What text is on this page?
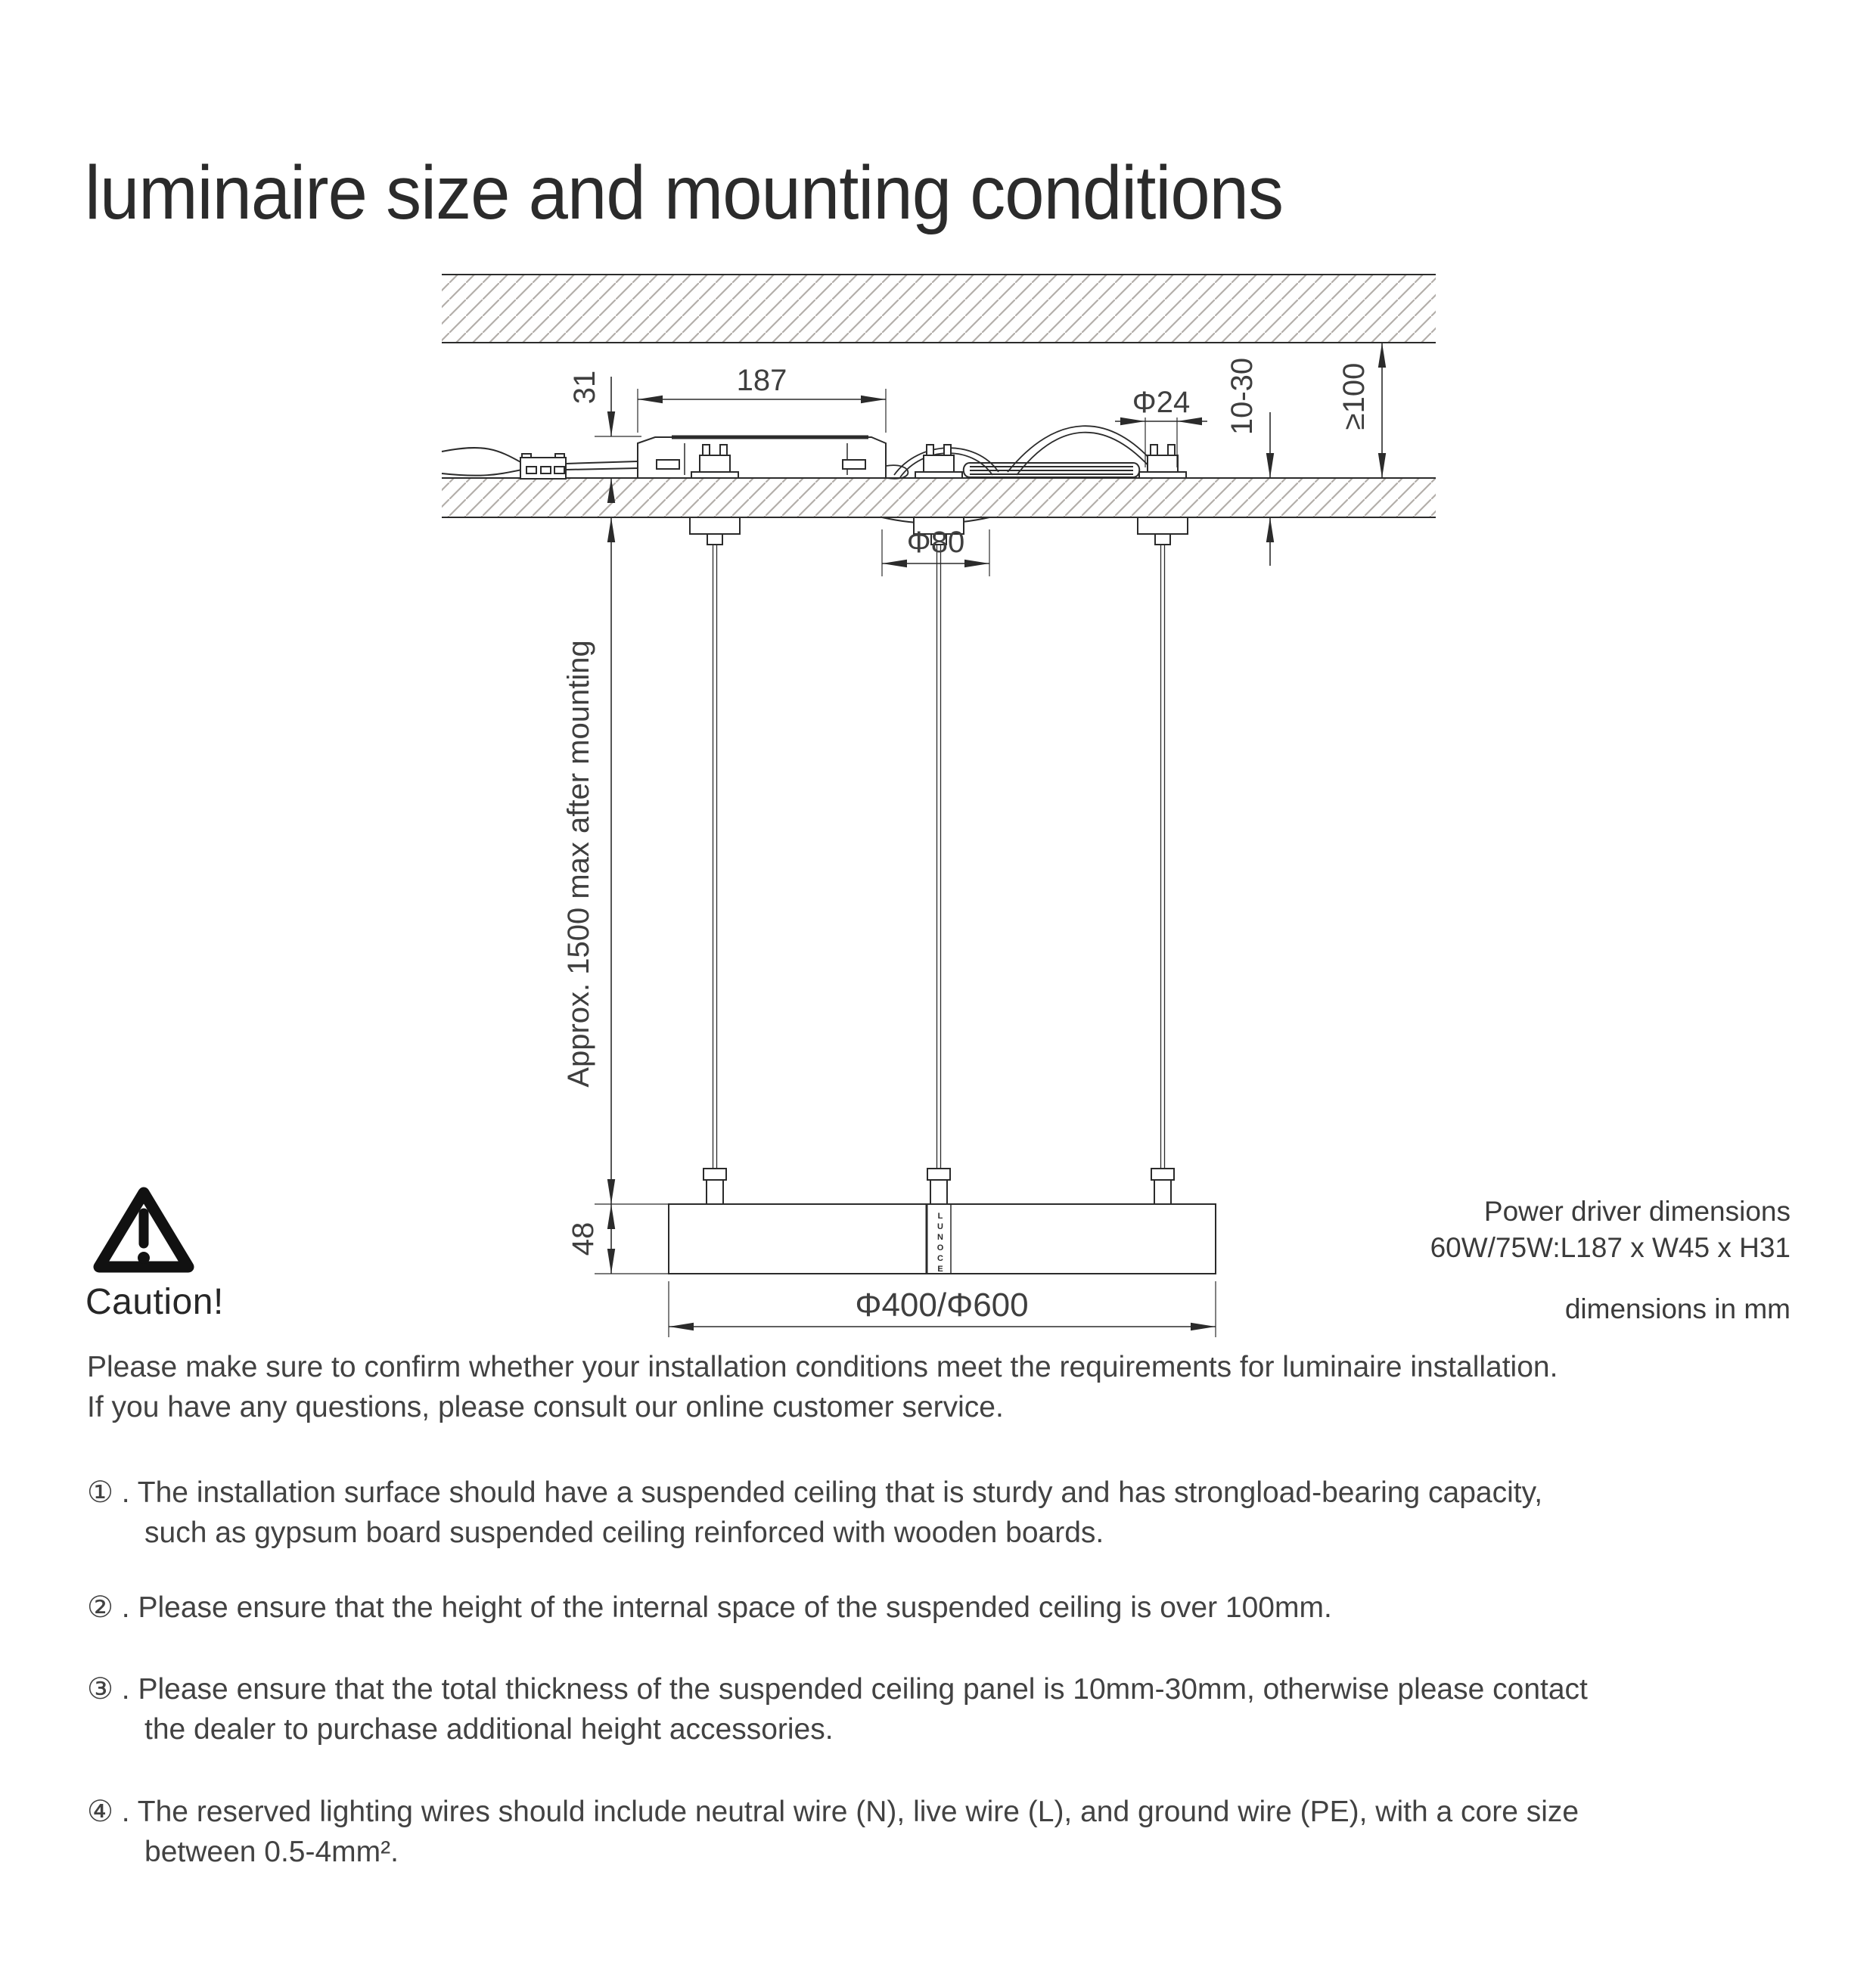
luminaire size and mounting conditions
31	187
Φ24 10-30	≥100
Φ80
Approx. 1500 max after mounting
48
Φ400/Φ600
LUNOCE
Power driver dimensions
60W/75W:L187 x W45 x H31
dimensions in mm
Caution!
Please make sure to confirm whether your installation conditions meet the requirements for luminaire installation.
If you have any questions, please consult our online customer service.
① . The installation surface should have a suspended ceiling that is sturdy and has strongload-bearing capacity,
such as gypsum board suspended ceiling reinforced with wooden boards.
② . Please ensure that the height of the internal space of the suspended ceiling is over 100mm.
③ . Please ensure that the total thickness of the suspended ceiling panel is 10mm-30mm, otherwise please contact
the dealer to purchase additional height accessories.
④ . The reserved lighting wires should include neutral wire (N), live wire (L), and ground wire (PE), with a core size
between 0.5-4mm².
